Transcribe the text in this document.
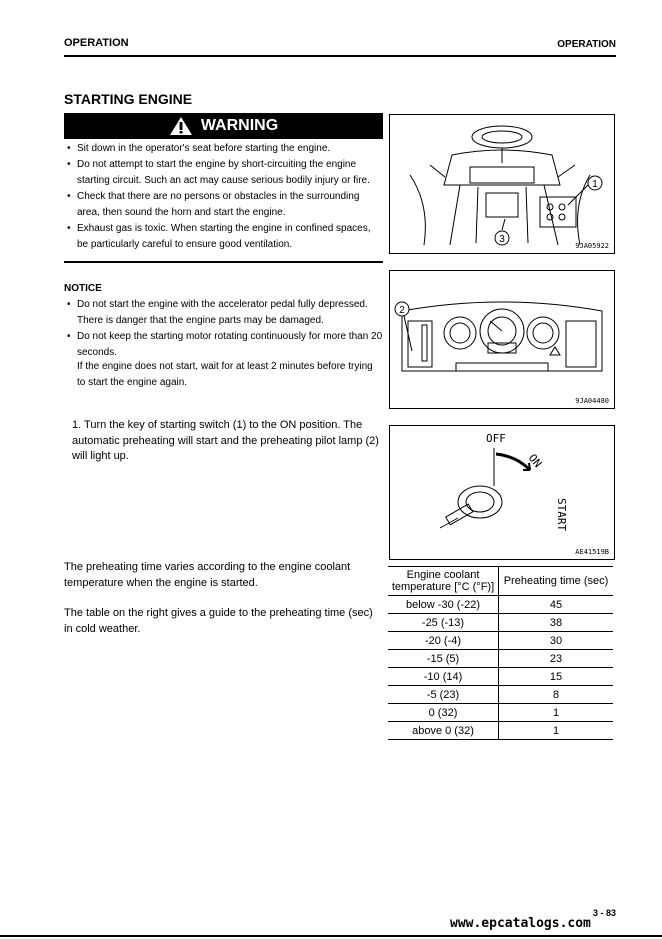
OPERATION	OPERATION
STARTING ENGINE
WARNING
• Sit down in the operator's seat before starting the engine.
• Do not attempt to start the engine by short-circuiting the engine starting circuit. Such an act may cause serious bodily injury or fire.
• Check that there are no persons or obstacles in the surrounding area, then sound the horn and start the engine.
• Exhaust gas is toxic. When starting the engine in confined spaces, be particularly careful to ensure good ventilation.
NOTICE
• Do not start the engine with the accelerator pedal fully depressed. There is danger that the engine parts may be damaged.
• Do not keep the starting motor rotating continuously for more than 20 seconds.
If the engine does not start, wait for at least 2 minutes before trying to start the engine again.
1
3
9JA05922
2
9JA04480
1. Turn the key of starting switch (1) to the ON position. The automatic preheating will start and the preheating pilot lamp (2) will light up.
OFF
ON
START
AE41519B
The preheating time varies according to the engine coolant temperature when the engine is started.
The table on the right gives a guide to the preheating time (sec) in cold weather.
Engine coolant temperature [°C (°F)]	Preheating time (sec)
below -30 (-22)	45
-25 (-13)	38
-20 (-4)	30
-15 (5)	23
-10 (14)	15
-5 (23)	8
0 (32)	1
above 0 (32)	1
3 - 83
www.epcatalogs.com
